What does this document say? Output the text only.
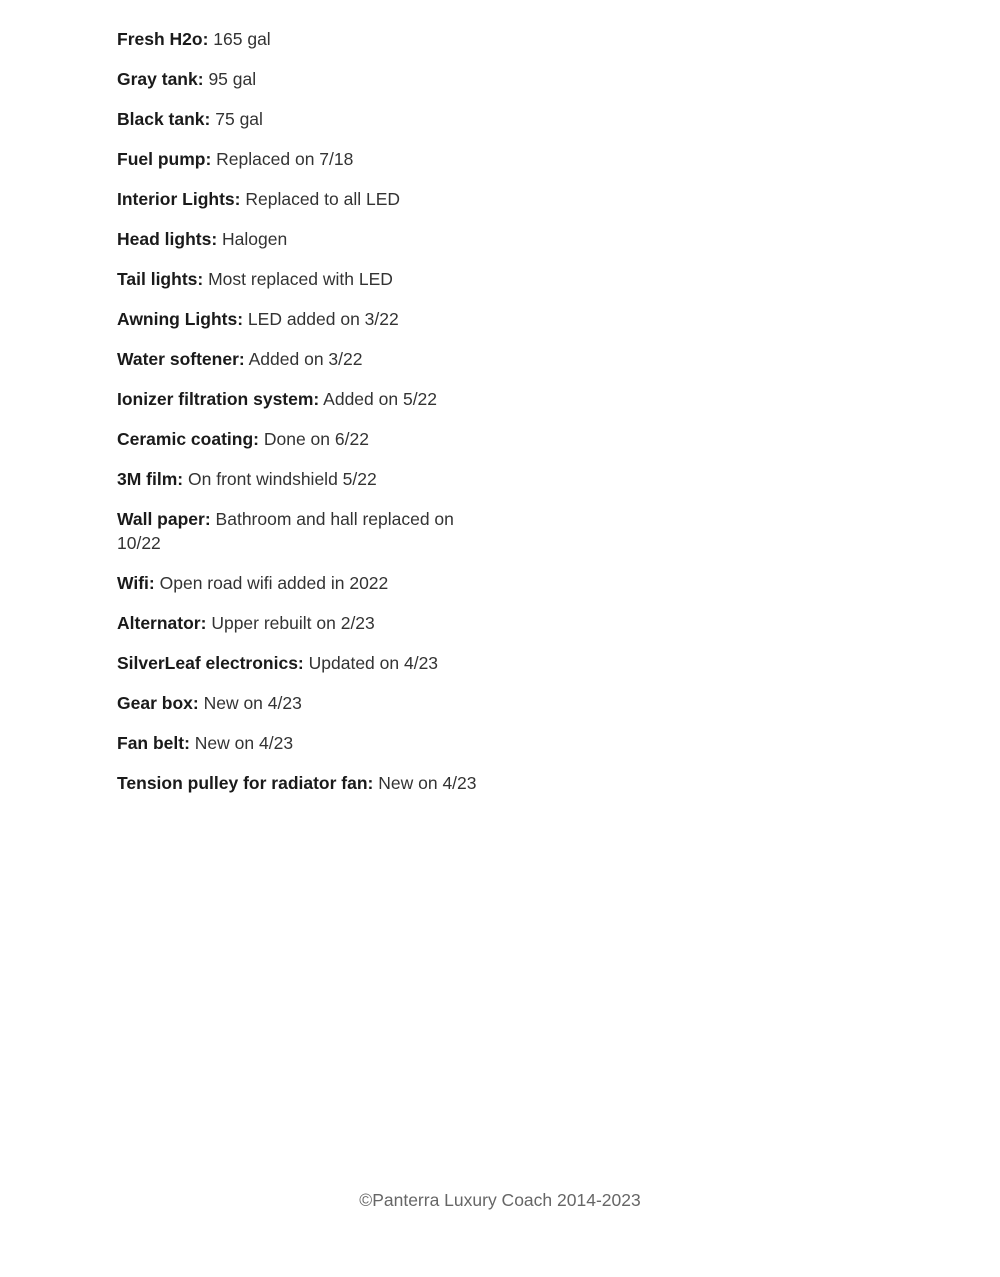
Fresh H2o: 165 gal
Gray tank: 95 gal
Black tank: 75 gal
Fuel pump: Replaced on 7/18
Interior Lights: Replaced to all LED
Head lights: Halogen
Tail lights: Most replaced with LED
Awning Lights: LED added on 3/22
Water softener: Added on 3/22
Ionizer filtration system: Added on 5/22
Ceramic coating: Done on 6/22
3M film: On front windshield 5/22
Wall paper: Bathroom and hall replaced on 10/22
Wifi: Open road wifi added in 2022
Alternator: Upper rebuilt on 2/23
SilverLeaf electronics: Updated on 4/23
Gear box: New on 4/23
Fan belt: New on 4/23
Tension pulley for radiator fan: New on 4/23
©Panterra Luxury Coach 2014-2023
